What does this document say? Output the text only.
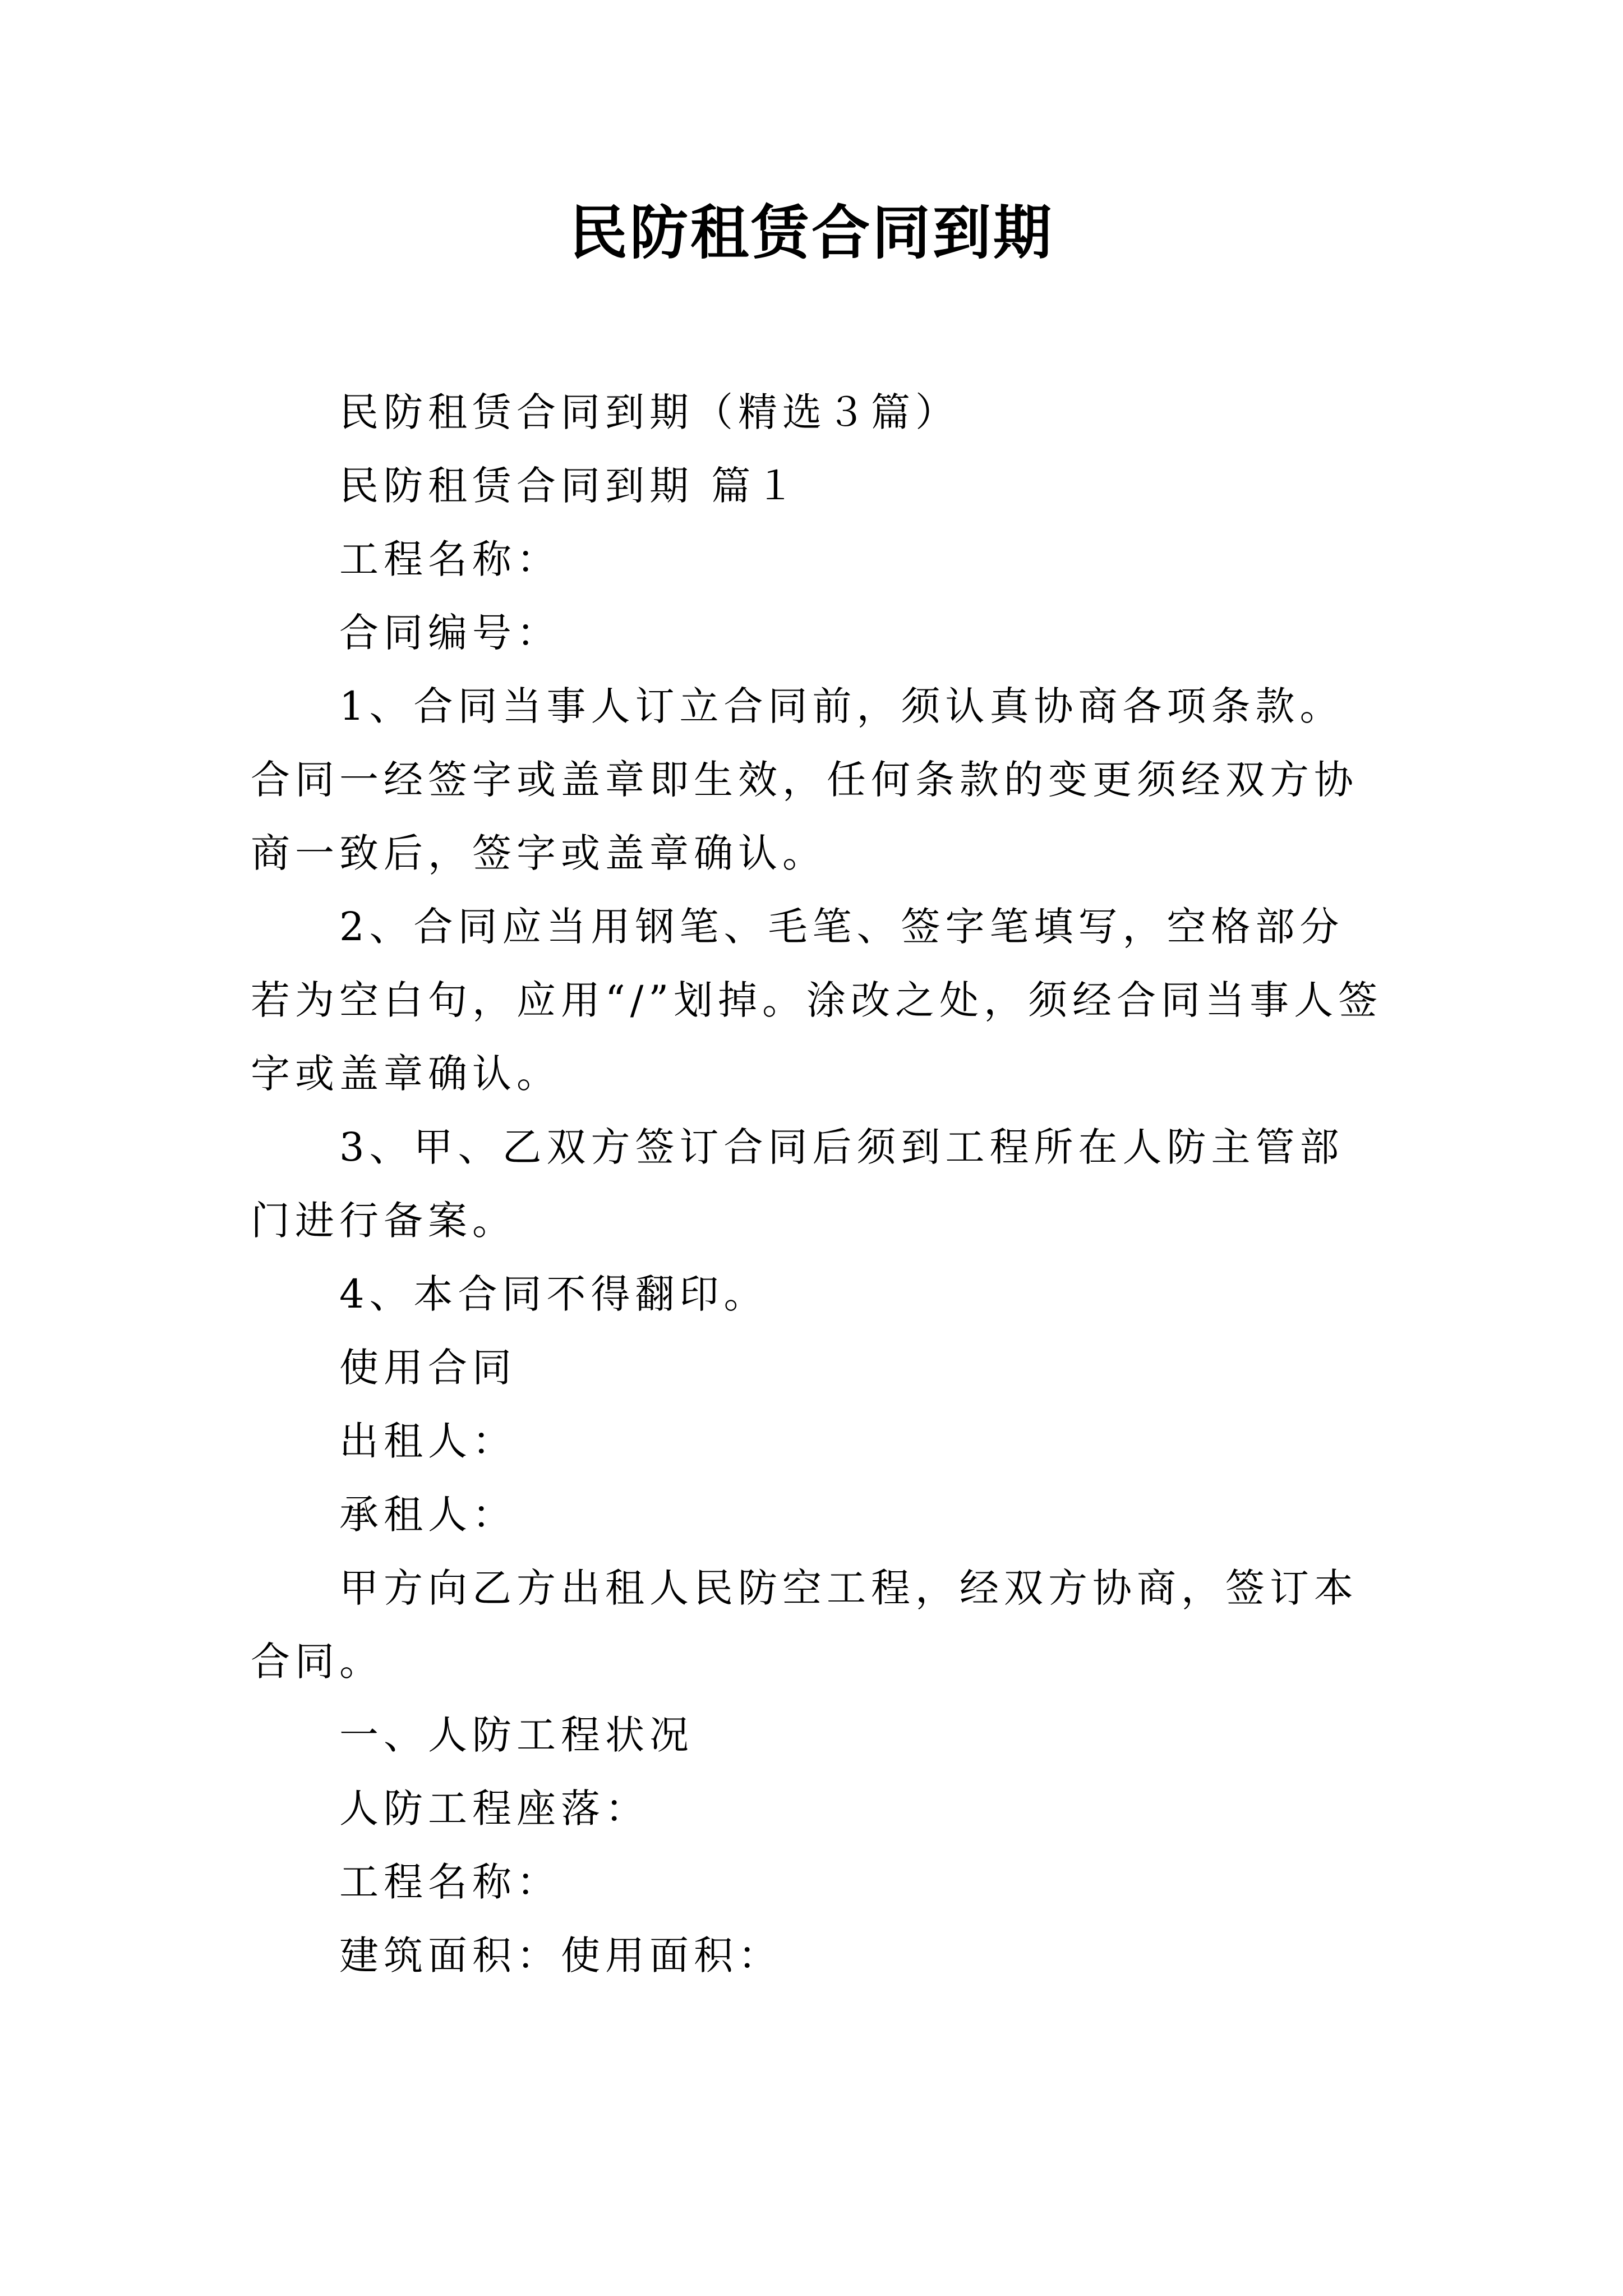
民防租赁合同到期

民防租赁合同到期（精选３篇）

民防租赁合同到期 篇１

工程名称：

合同编号：

1、合同当事人订立合同前，须认真协商各项条款。合同一经签字或盖章即生效，任何条款的变更须经双方协商一致后，签字或盖章确认。

2、合同应当用钢笔、毛笔、签字笔填写，空格部分若为空白句，应用“/”划掉。涂改之处，须经合同当事人签字或盖章确认。

3、甲、乙双方签订合同后须到工程所在人防主管部门进行备案。

4、本合同不得翻印。

使用合同

出租人：

承租人：

甲方向乙方出租人民防空工程，经双方协商，签订本合同。

一、人防工程状况

人防工程座落：

工程名称：

建筑面积：使用面积：
